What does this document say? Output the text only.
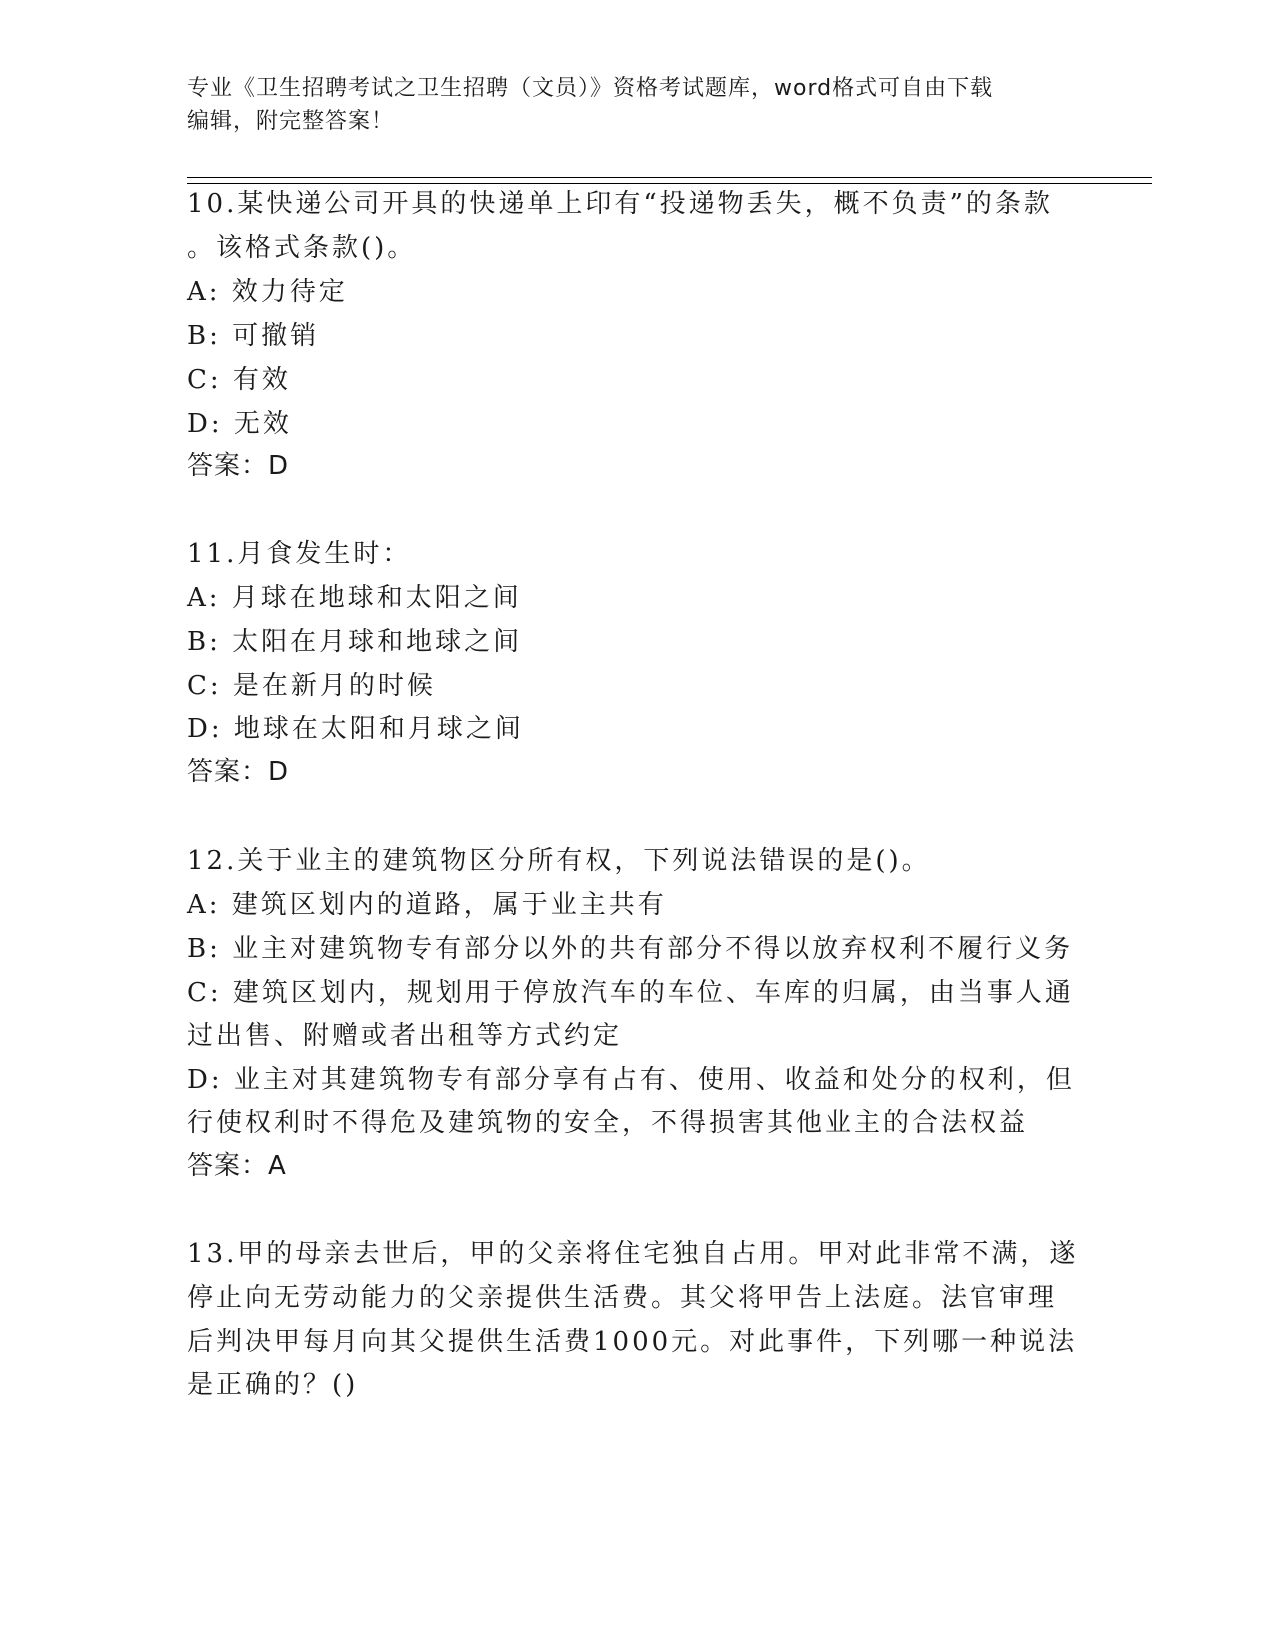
专业《卫生招聘考试之卫生招聘（文员）》资格考试题库，word格式可自由下载
编辑，附完整答案！
10.某快递公司开具的快递单上印有“投递物丢失，概不负责”的条款
。该格式条款()。
A: 效力待定
B: 可撤销
C: 有效
D: 无效
答案：D
11.月食发生时：
A: 月球在地球和太阳之间
B: 太阳在月球和地球之间
C: 是在新月的时候
D: 地球在太阳和月球之间
答案：D
12.关于业主的建筑物区分所有权，下列说法错误的是()。
A: 建筑区划内的道路，属于业主共有
B: 业主对建筑物专有部分以外的共有部分不得以放弃权利不履行义务
C: 建筑区划内，规划用于停放汽车的车位、车库的归属，由当事人通
过出售、附赠或者出租等方式约定
D: 业主对其建筑物专有部分享有占有、使用、收益和处分的权利，但
行使权利时不得危及建筑物的安全，不得损害其他业主的合法权益
答案：A
13.甲的母亲去世后，甲的父亲将住宅独自占用。甲对此非常不满，遂
停止向无劳动能力的父亲提供生活费。其父将甲告上法庭。法官审理
后判决甲每月向其父提供生活费1000元。对此事件，下列哪一种说法
是正确的？()
